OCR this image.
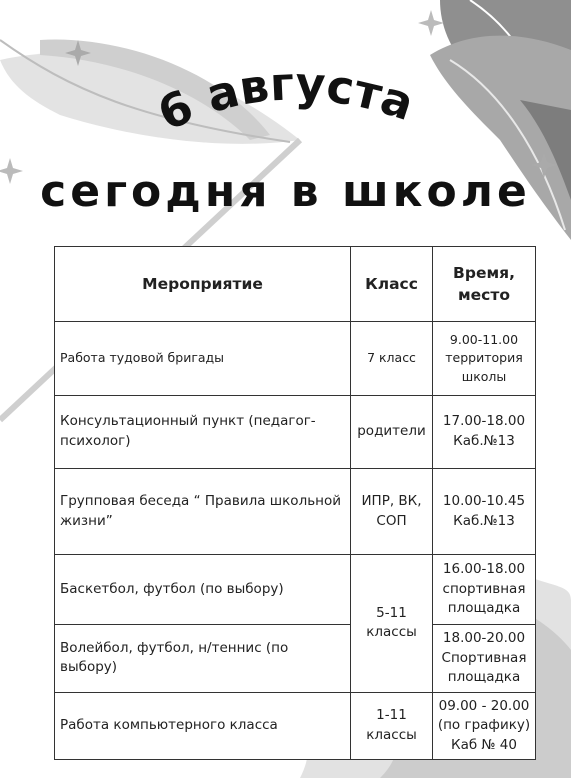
6 августа
сегодня в школе
Мероприятие	Класс	Время, место
Работа тудовой бригады	7 класс	9.00-11.00 территория школы
Консультационный пункт (педагог-психолог)	родители	17.00-18.00 Каб.№13
Групповая беседа “ Правила школьной жизни”	ИПР, ВК, СОП	10.00-10.45 Каб.№13
Баскетбол, футбол (по выбору)	5-11 классы	16.00-18.00 спортивная площадка
Волейбол, футбол, н/теннис (по выбору)		18.00-20.00 Спортивная площадка
Работа компьютерного класса	1-11 классы	09.00 - 20.00 (по графику) Каб № 40
